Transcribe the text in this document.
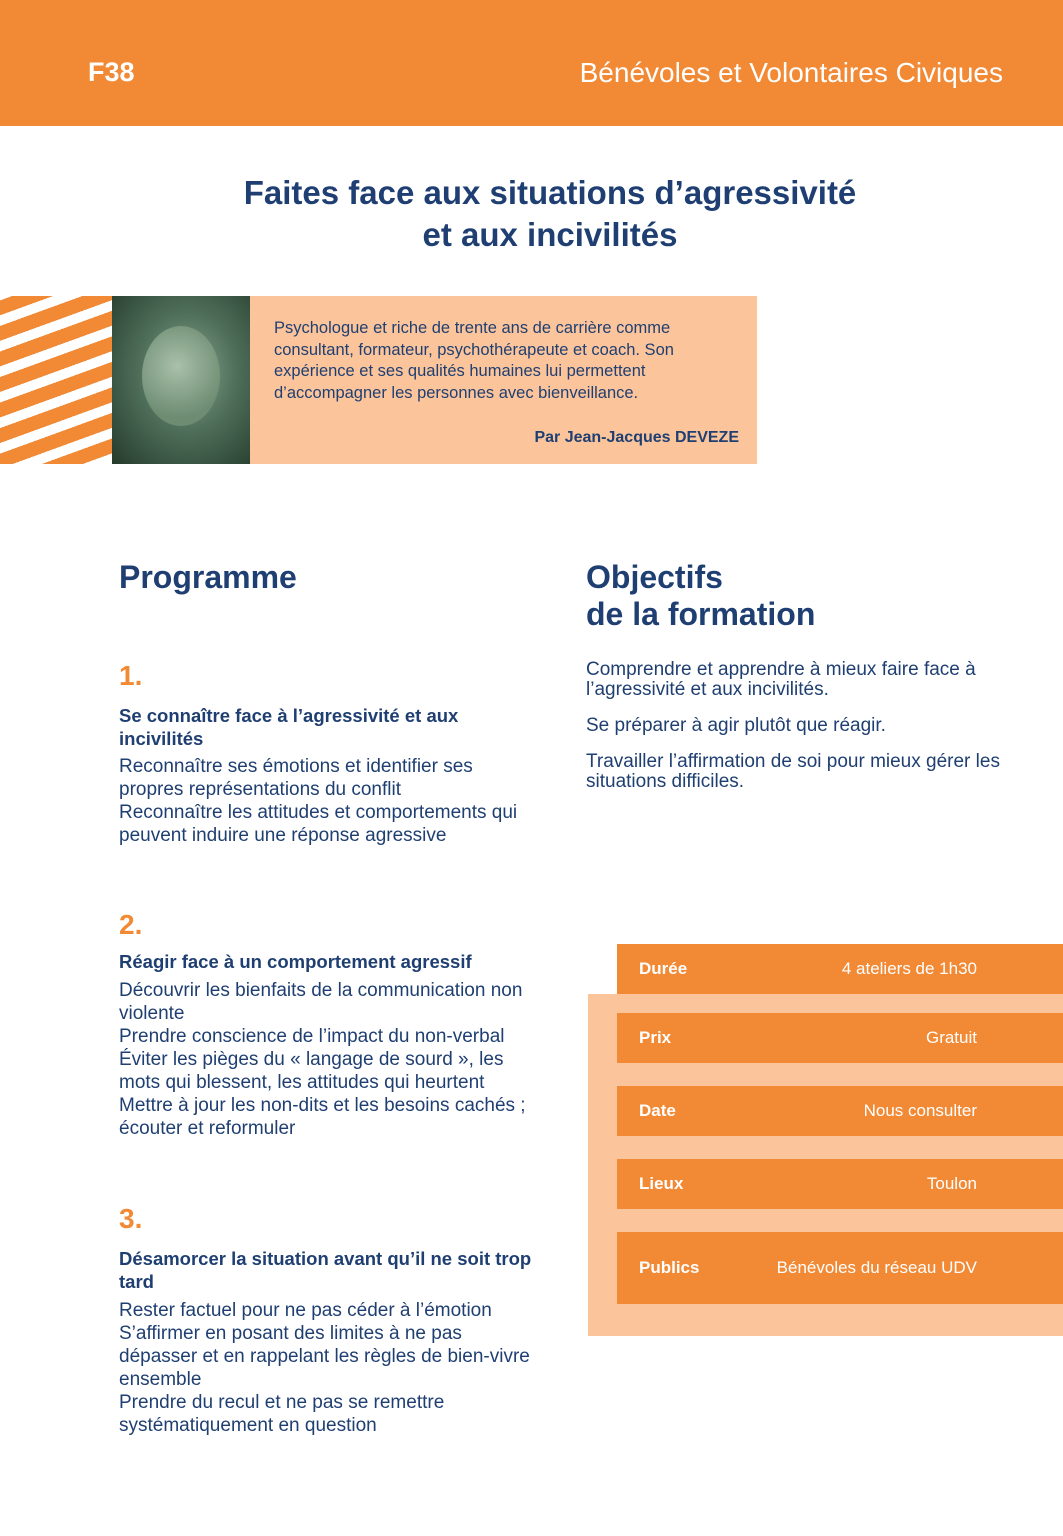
F38	Bénévoles et Volontaires Civiques
Faites face aux situations d’agressivité
et aux incivilités
Psychologue et riche de trente ans de carrière comme consultant, formateur, psychothérapeute et coach. Son expérience et ses qualités humaines lui permettent d’accompagner les personnes avec bienveillance.
Par Jean-Jacques DEVEZE
Programme
1.
Se connaître face à l’agressivité et aux incivilités
Reconnaître ses émotions et identifier ses propres représentations du conflit
Reconnaître les attitudes et comportements qui peuvent induire une réponse agressive
2.
Réagir face à un comportement agressif
Découvrir les bienfaits de la communication non violente
Prendre conscience de l’impact du non-verbal
Éviter les pièges du « langage de sourd », les mots qui blessent, les attitudes qui heurtent
Mettre à jour les non-dits et les besoins cachés ; écouter et reformuler
3.
Désamorcer la situation avant qu’il ne soit trop tard
Rester factuel pour ne pas céder à l’émotion
S’affirmer en posant des limites à ne pas dépasser et en rappelant les règles de bien-vivre ensemble
Prendre du recul et ne pas se remettre systématiquement en question
Objectifs
de la formation
Comprendre et apprendre à mieux faire face à l’agressivité et aux incivilités.
Se préparer à agir plutôt que réagir.
Travailler l’affirmation de soi pour mieux gérer les situations difficiles.
Durée	4 ateliers de 1h30
Prix	Gratuit
Date	Nous consulter
Lieux	Toulon
Publics	Bénévoles du réseau UDV
